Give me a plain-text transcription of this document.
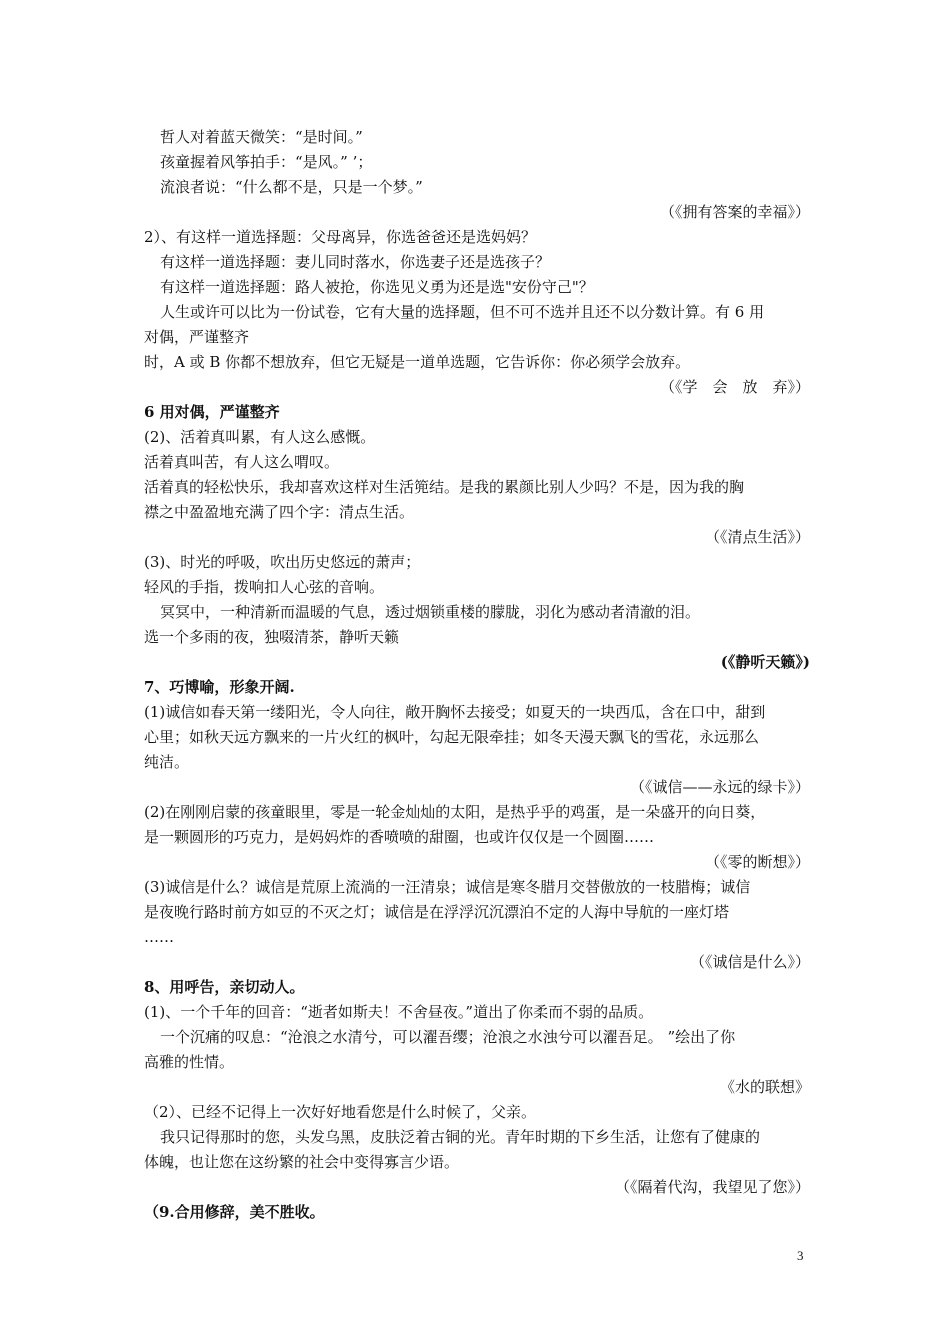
哲人对着蓝天微笑：“是时间。”
孩童握着风筝拍手：“是风。” ’；
流浪者说：“什么都不是，只是一个梦。”
（《拥有答案的幸福》）
2）、有这样一道选择题：父母离异，你选爸爸还是选妈妈？
有这样一道选择题：妻儿同时落水，你选妻子还是选孩子？
有这样一道选择题：路人被抢，你选见义勇为还是选"安份守己"？
人生或许可以比为一份试卷，它有大量的选择题，但不可不选并且还不以分数计算。有 6 用
对偶，严谨整齐
时，A 或 B 你都不想放弃，但它无疑是一道单选题，它告诉你：你必须学会放弃。
（《学　会　放　弃》）
6 用对偶，严谨整齐
(2)、活着真叫累，有人这么感慨。
活着真叫苦，有人这么喟叹。
活着真的轻松快乐，我却喜欢这样对生活篼结。是我的累颜比别人少吗？不是，因为我的胸
襟之中盈盈地充满了四个字：清点生活。
（《清点生活》）
(3)、时光的呼吸，吹出历史悠远的萧声；
轻风的手指，拨响扣人心弦的音响。
冥冥中，一种清新而温暖的气息，透过烟锁重楼的朦胧，羽化为感动者清澈的泪。
选一个多雨的夜，独啜清茶，静听天籁
(《静听天籁》)
7、巧博喻，形象开阔.
(1)诚信如春天第一缕阳光，令人向往，敞开胸怀去接受；如夏天的一块西瓜，含在口中，甜到
心里；如秋天远方飘来的一片火红的枫叶，勾起无限牵挂；如冬天漫天飘飞的雪花，永远那么
纯洁。
（《诚信——永远的绿卡》）
(2)在刚刚启蒙的孩童眼里，零是一轮金灿灿的太阳，是热乎乎的鸡蛋，是一朵盛开的向日葵，
是一颗圆形的巧克力，是妈妈炸的香喷喷的甜圈，也或许仅仅是一个圆圈……
（《零的断想》）
(3)诚信是什么？诚信是荒原上流淌的一汪清泉；诚信是寒冬腊月交替傲放的一枝腊梅；诚信
是夜晚行路时前方如豆的不灭之灯；诚信是在浮浮沉沉漂泊不定的人海中导航的一座灯塔
……
（《诚信是什么》）
8、用呼告，亲切动人。
(1)、一个千年的回音：“逝者如斯夫！不舍昼夜。”道出了你柔而不弱的品质。
一个沉痛的叹息：“沧浪之水清兮，可以濯吾缨；沧浪之水浊兮可以濯吾足。 ”绘出了你
高雅的性情。
《水的联想》
（2）、已经不记得上一次好好地看您是什么时候了，父亲。
我只记得那时的您，头发乌黑，皮肤泛着古铜的光。青年时期的下乡生活，让您有了健康的
体魄，也让您在这纷繁的社会中变得寡言少语。
（《隔着代沟，我望见了您》）
（9.合用修辞，美不胜收。
3
